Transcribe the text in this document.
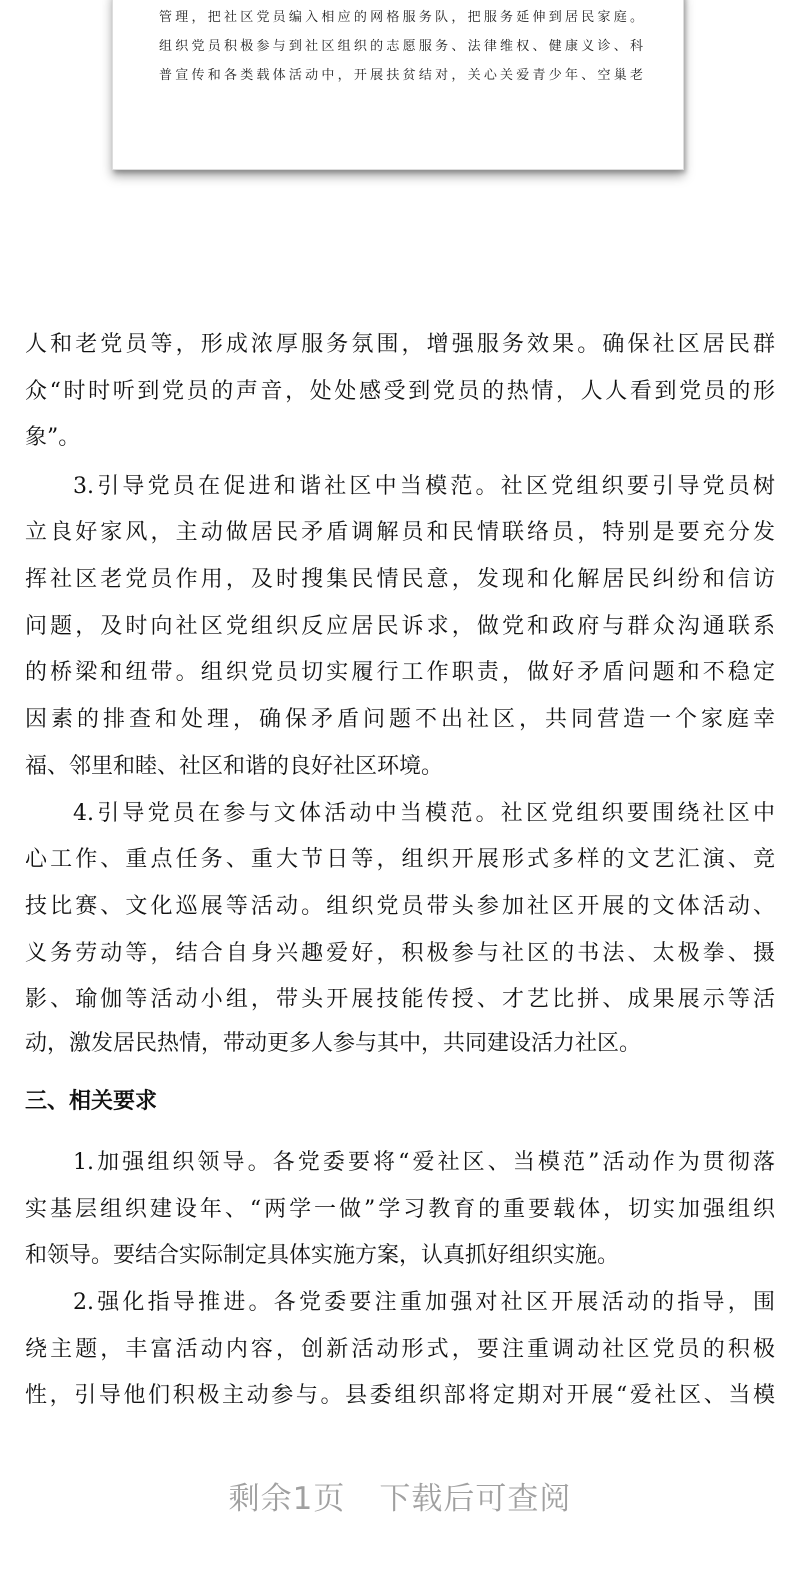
管理，把社区党员编入相应的网格服务队，把服务延伸到居民家庭。
组织党员积极参与到社区组织的志愿服务、法律维权、健康义诊、科
普宣传和各类载体活动中，开展扶贫结对，关心关爱青少年、空巢老
人和老党员等，形成浓厚服务氛围，增强服务效果。确保社区居民群
众“时时听到党员的声音，处处感受到党员的热情，人人看到党员的形
象”。
3.引导党员在促进和谐社区中当模范。社区党组织要引导党员树
立良好家风，主动做居民矛盾调解员和民情联络员，特别是要充分发
挥社区老党员作用，及时搜集民情民意，发现和化解居民纠纷和信访
问题，及时向社区党组织反应居民诉求，做党和政府与群众沟通联系
的桥梁和纽带。组织党员切实履行工作职责，做好矛盾问题和不稳定
因素的排查和处理，确保矛盾问题不出社区，共同营造一个家庭幸
福、邻里和睦、社区和谐的良好社区环境。
4.引导党员在参与文体活动中当模范。社区党组织要围绕社区中
心工作、重点任务、重大节日等，组织开展形式多样的文艺汇演、竞
技比赛、文化巡展等活动。组织党员带头参加社区开展的文体活动、
义务劳动等，结合自身兴趣爱好，积极参与社区的书法、太极拳、摄
影、瑜伽等活动小组，带头开展技能传授、才艺比拼、成果展示等活
动，激发居民热情，带动更多人参与其中，共同建设活力社区。
1.加强组织领导。各党委要将“爱社区、当模范”活动作为贯彻落
实基层组织建设年、“两学一做”学习教育的重要载体，切实加强组织
和领导。要结合实际制定具体实施方案，认真抓好组织实施。
2.强化指导推进。各党委要注重加强对社区开展活动的指导，围
绕主题，丰富活动内容，创新活动形式，要注重调动社区党员的积极
性，引导他们积极主动参与。县委组织部将定期对开展“爱社区、当模
三、相关要求
剩余1页 下载后可查阅
